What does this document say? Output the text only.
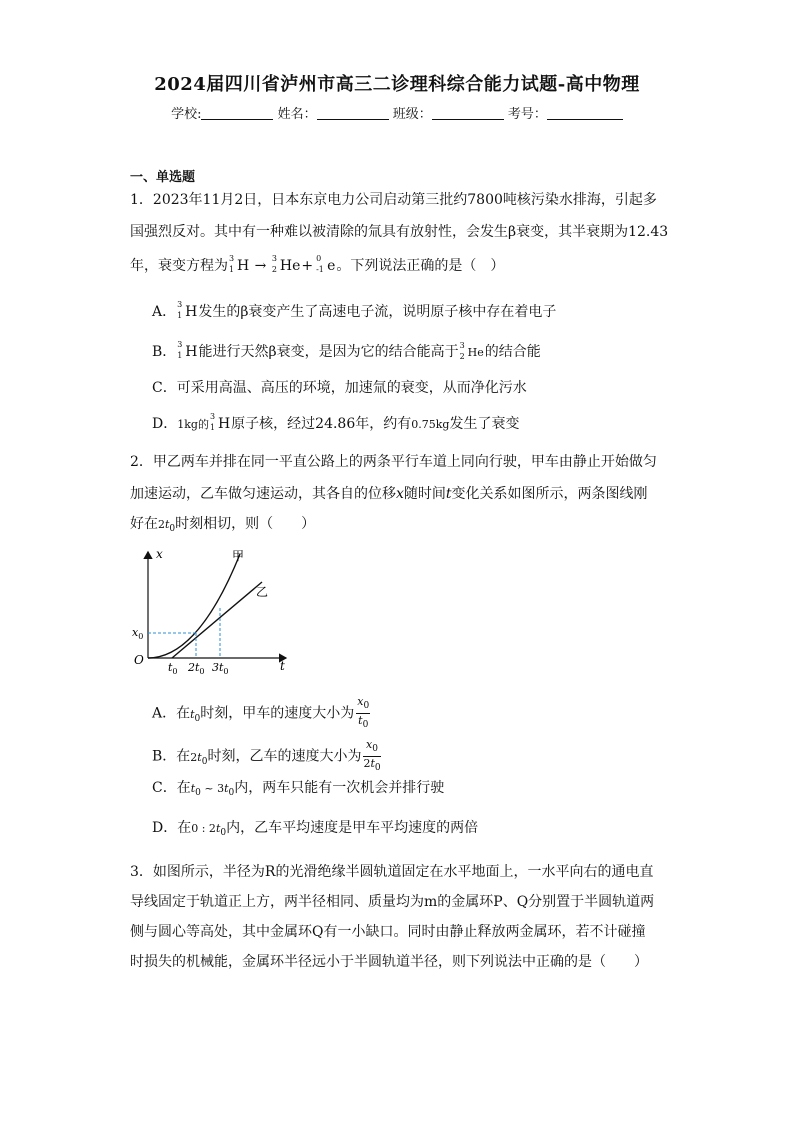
2024届四川省泸州市高三二诊理科综合能力试题-高中物理
学校:	姓名：	班级：	考号：
一、单选题
1．2023年11月2日，日本东京电力公司启动第三批约7800吨核污染水排海，引起多
国强烈反对。其中有一种难以被清除的氚具有放射性，会发生β衰变，其半衰期为12.43
年，衰变方程为 3
1 H → 3
2 He+ 0
-1 e。下列说法正确的是（　）
A． 3
1 H发生的β衰变产生了高速电子流，说明原子核中存在着电子
B． 3
1 H能进行天然β衰变，是因为它的结合能高于 3
2 He的结合能
C．可采用高温、高压的环境，加速氚的衰变，从而净化污水
D．1kg的
3
1 H原子核，经过24.86年，约有0.75kg发生了衰变
2．甲乙两车并排在同一平直公路上的两条平行车道上同向行驶，甲车由静止开始做匀
加速运动，乙车做匀速运动，其各自的位移x随时间t变化关系如图所示，两条图线刚
好在$2t_0$时刻相切，则（　　）
x
t
O
甲
乙
$x_0$
$t_0$ $2t_0$ $3t_0$
A．在$t_0$时刻，甲车的速度大小为 $\frac{x_0}{t_0}$
B．在$2t_0$时刻，乙车的速度大小为 $\frac{x_0}{2t_0}$
C．在$t_0$ ~ $3t_0$内，两车只能有一次机会并排行驶
D．在0 : $2t_0$内，乙车平均速度是甲车平均速度的两倍
3．如图所示，半径为R的光滑绝缘半圆轨道固定在水平地面上，一水平向右的通电直
导线固定于轨道正上方，两半径相同、质量均为m的金属环P、Q分别置于半圆轨道两
侧与圆心等高处，其中金属环Q有一小缺口。同时由静止释放两金属环，若不计碰撞
时损失的机械能，金属环半径远小于半圆轨道半径，则下列说法中正确的是（　　）
